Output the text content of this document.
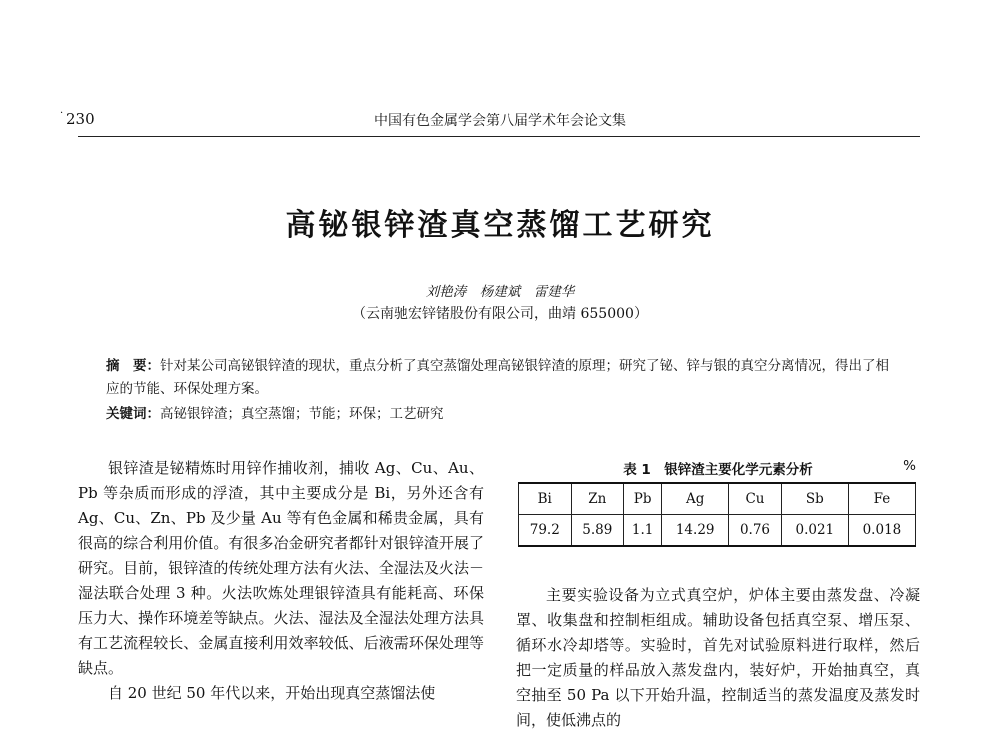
· 230	中国有色金属学会第八届学术年会论文集
高铋银锌渣真空蒸馏工艺研究
刘艳涛　杨建斌　雷建华
（云南驰宏锌锗股份有限公司，曲靖 655000）
摘　要：针对某公司高铋银锌渣的现状，重点分析了真空蒸馏处理高铋银锌渣的原理；研究了铋、锌与银的真空分离情况，得出了相应的节能、环保处理方案。
关键词：高铋银锌渣；真空蒸馏；节能；环保；工艺研究

银锌渣是铋精炼时用锌作捕收剂，捕收 Ag、Cu、Au、Pb 等杂质而形成的浮渣，其中主要成分是 Bi，另外还含有 Ag、Cu、Zn、Pb 及少量 Au 等有色金属和稀贵金属，具有很高的综合利用价值。有很多冶金研究者都针对银锌渣开展了研究。目前，银锌渣的传统处理方法有火法、全湿法及火法－湿法联合处理 3 种。火法吹炼处理银锌渣具有能耗高、环保压力大、操作环境差等缺点。火法、湿法及全湿法处理方法具有工艺流程较长、金属直接利用效率较低、后液需环保处理等缺点。

自 20 世纪 50 年代以来，开始出现真空蒸馏法使

表 1　银锌渣主要化学元素分析	%
Bi	Zn	Pb	Ag	Cu	Sb	Fe
79.2	5.89	1.1	14.29	0.76	0.021	0.018

主要实验设备为立式真空炉，炉体主要由蒸发盘、冷凝罩、收集盘和控制柜组成。辅助设备包括真空泵、增压泵、循环水冷却塔等。实验时，首先对试验原料进行取样，然后把一定质量的样品放入蒸发盘内，装好炉，开始抽真空，真空抽至 50 Pa 以下开始升温，控制适当的蒸发温度及蒸发时间，使低沸点的
